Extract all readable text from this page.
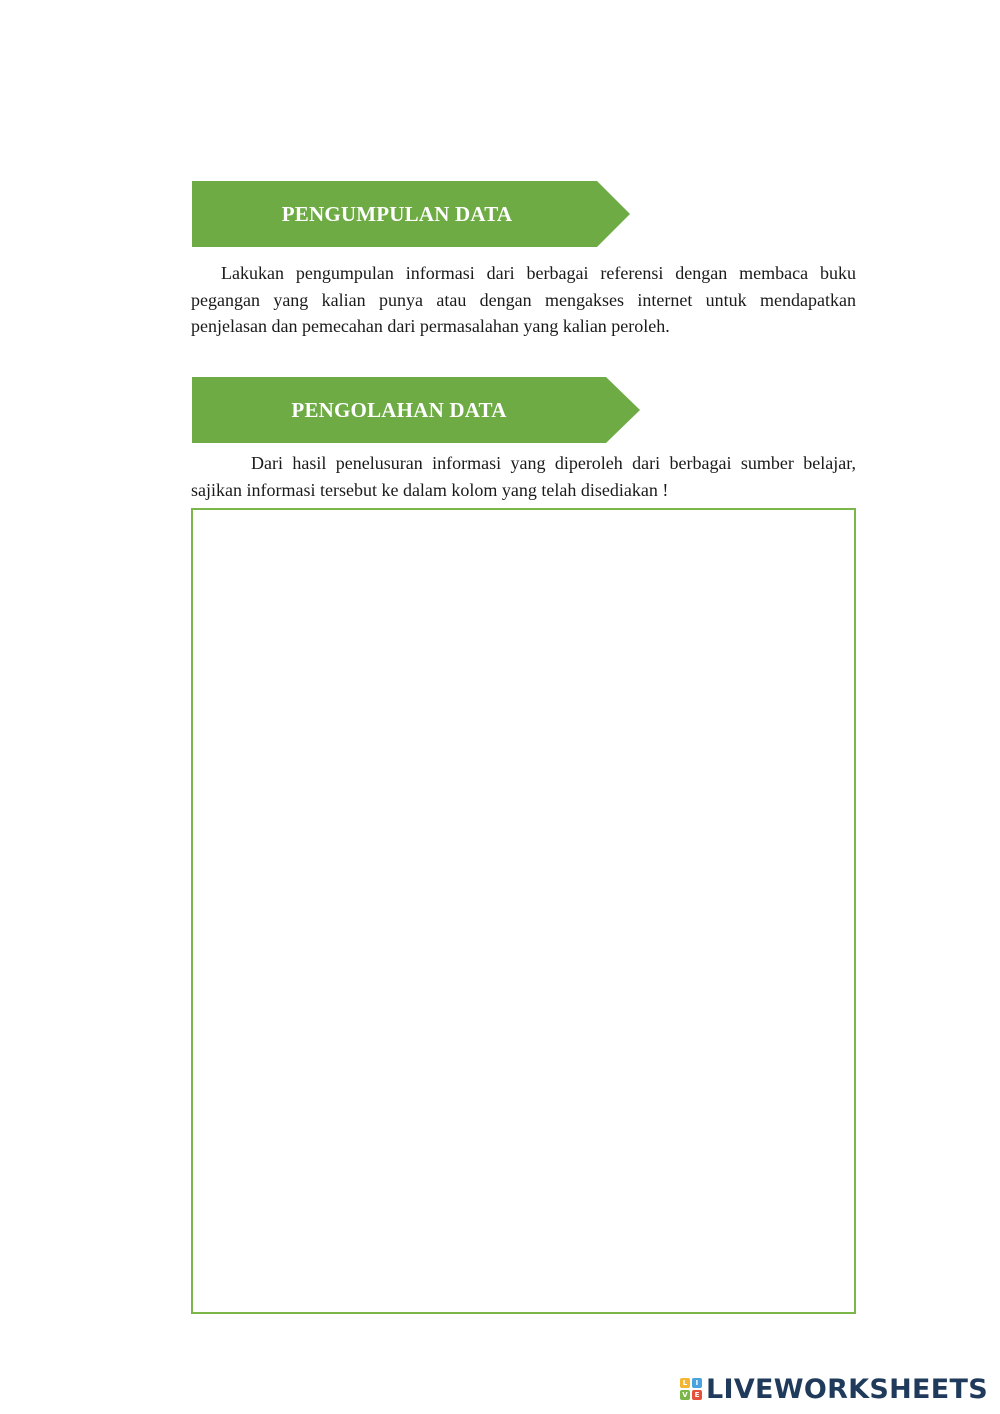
PENGUMPULAN DATA

Lakukan pengumpulan informasi dari berbagai referensi dengan membaca buku pegangan yang kalian punya atau dengan mengakses internet untuk mendapatkan penjelasan dan pemecahan dari permasalahan yang kalian peroleh.

PENGOLAHAN DATA

Dari hasil penelusuran informasi yang diperoleh dari berbagai sumber belajar, sajikan informasi tersebut ke dalam kolom yang telah disediakan !

L	I
V E LIVEWORKSHEETS
